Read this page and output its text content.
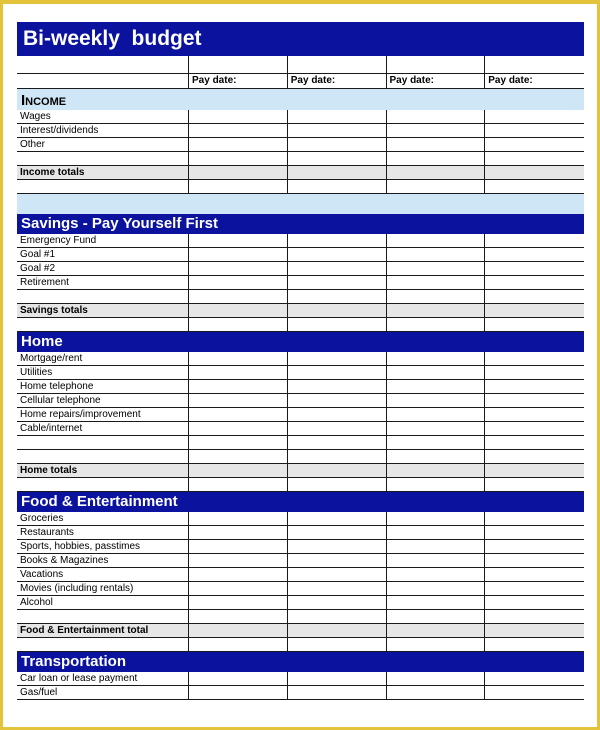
Bi-weekly  budget
Pay date:	Pay date:	Pay date:	Pay date:
Income
Wages
Interest/dividends
Other
Income totals
Savings - Pay Yourself First
Emergency Fund
Goal #1
Goal #2
Retirement
Savings totals
Home
Mortgage/rent
Utilities
Home telephone
Cellular telephone
Home repairs/improvement
Cable/internet
Home totals
Food & Entertainment
Groceries
Restaurants
Sports, hobbies, passtimes
Books & Magazines
Vacations
Movies (including rentals)
Alcohol
Food & Entertainment total
Transportation
Car loan or lease payment
Gas/fuel
